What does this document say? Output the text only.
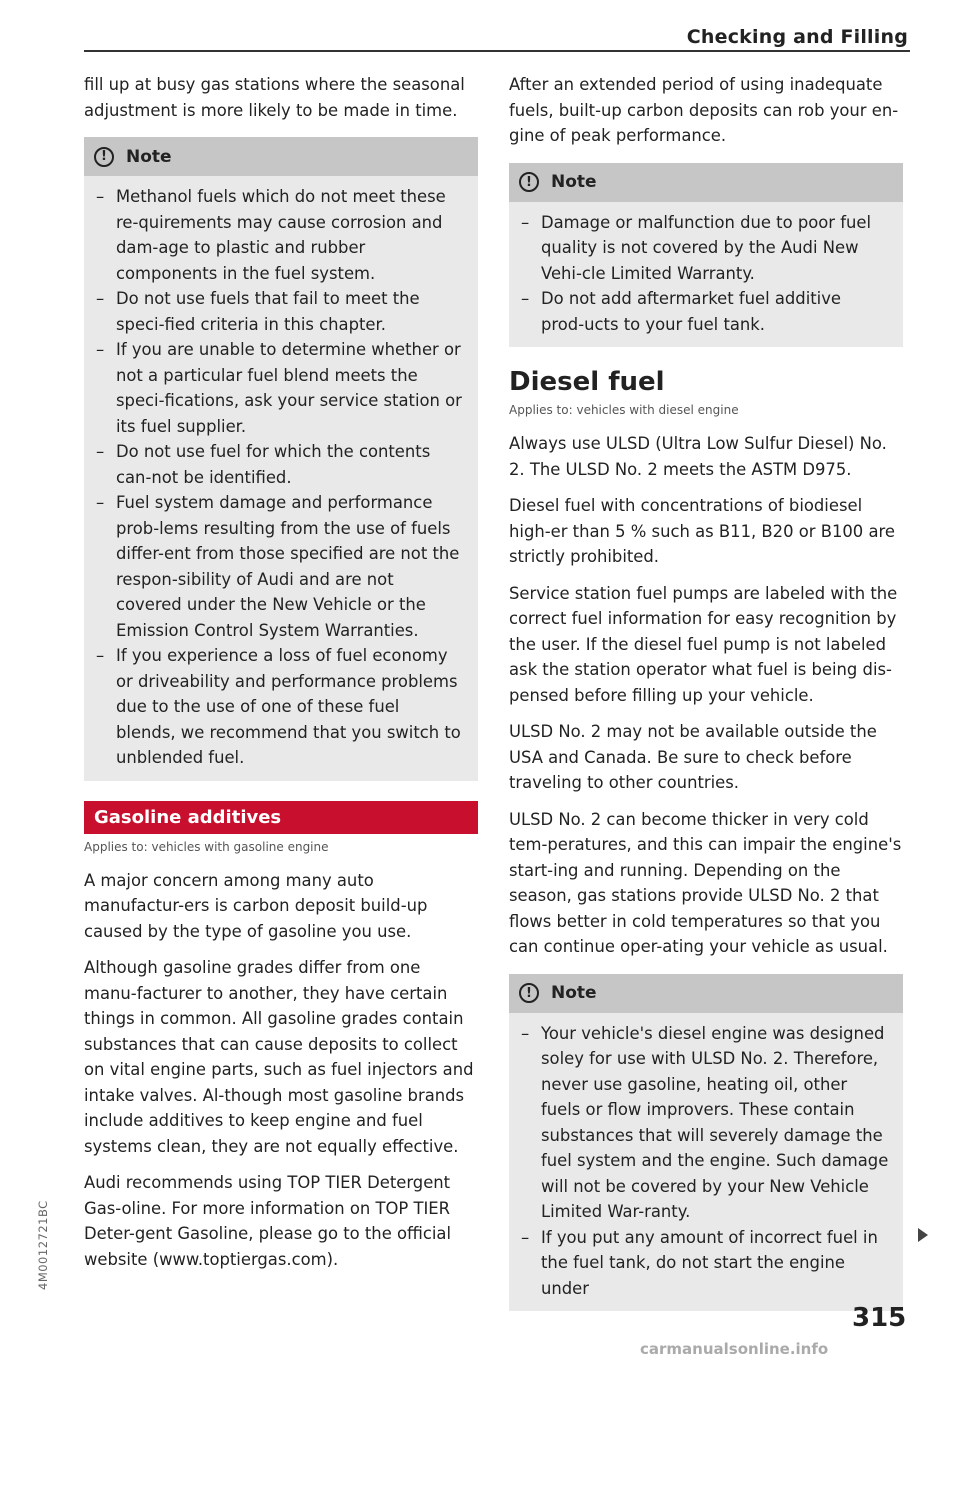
Checking and Filling

fill up at busy gas stations where the seasonal adjustment is more likely to be made in time.

!	Note
– Methanol fuels which do not meet these re-quirements may cause corrosion and dam-age to plastic and rubber components in the fuel system.
– Do not use fuels that fail to meet the speci-fied criteria in this chapter.
– If you are unable to determine whether or not a particular fuel blend meets the speci-fications, ask your service station or its fuel supplier.
– Do not use fuel for which the contents can-not be identified.
– Fuel system damage and performance prob-lems resulting from the use of fuels differ-ent from those specified are not the respon-sibility of Audi and are not covered under the New Vehicle or the Emission Control System Warranties.
– If you experience a loss of fuel economy or driveability and performance problems due to the use of one of these fuel blends, we recommend that you switch to unblended fuel.
Gasoline additives
Applies to: vehicles with gasoline engine

A major concern among many auto manufactur-ers is carbon deposit build-up caused by the type of gasoline you use.

Although gasoline grades differ from one manu-facturer to another, they have certain things in common. All gasoline grades contain substances that can cause deposits to collect on vital engine parts, such as fuel injectors and intake valves. Al-though most gasoline brands include additives to keep engine and fuel systems clean, they are not equally effective.

Audi recommends using TOP TIER Detergent Gas-oline. For more information on TOP TIER Deter-gent Gasoline, please go to the official website (www.toptiergas.com).

After an extended period of using inadequate fuels, built-up carbon deposits can rob your en-gine of peak performance.

!	Note
– Damage or malfunction due to poor fuel quality is not covered by the Audi New Vehi-cle Limited Warranty.
– Do not add aftermarket fuel additive prod-ucts to your fuel tank.
Diesel fuel
Applies to: vehicles with diesel engine

Always use ULSD (Ultra Low Sulfur Diesel) No. 2. The ULSD No. 2 meets the ASTM D975.

Diesel fuel with concentrations of biodiesel high-er than 5 % such as B11, B20 or B100 are strictly prohibited.

Service station fuel pumps are labeled with the correct fuel information for easy recognition by the user. If the diesel fuel pump is not labeled ask the station operator what fuel is being dis-pensed before filling up your vehicle.

ULSD No. 2 may not be available outside the USA and Canada. Be sure to check before traveling to other countries.

ULSD No. 2 can become thicker in very cold tem-peratures, and this can impair the engine's start-ing and running. Depending on the season, gas stations provide ULSD No. 2 that flows better in cold temperatures so that you can continue oper-ating your vehicle as usual.

!	Note
– Your vehicle's diesel engine was designed soley for use with ULSD No. 2. Therefore, never use gasoline, heating oil, other fuels or flow improvers. These contain substances that will severely damage the fuel system and the engine. Such damage will not be covered by your New Vehicle Limited War-ranty.
– If you put any amount of incorrect fuel in the fuel tank, do not start the engine under
315
4M0012721BC
carmanualsonline.info
